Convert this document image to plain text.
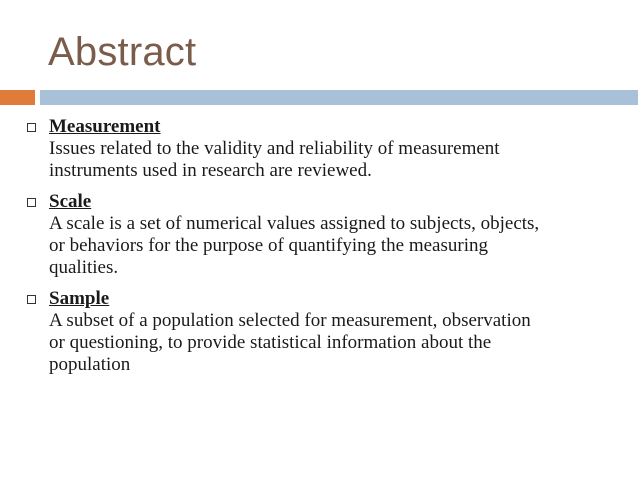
Abstract
Measurement
Issues related to the validity and reliability of measurement
instruments used in research are reviewed.
Scale
A scale is a set of numerical values assigned to subjects, objects,
or behaviors for the purpose of quantifying the measuring
qualities.
Sample
A subset of a population selected for measurement, observation
or questioning, to provide statistical information about the
population
